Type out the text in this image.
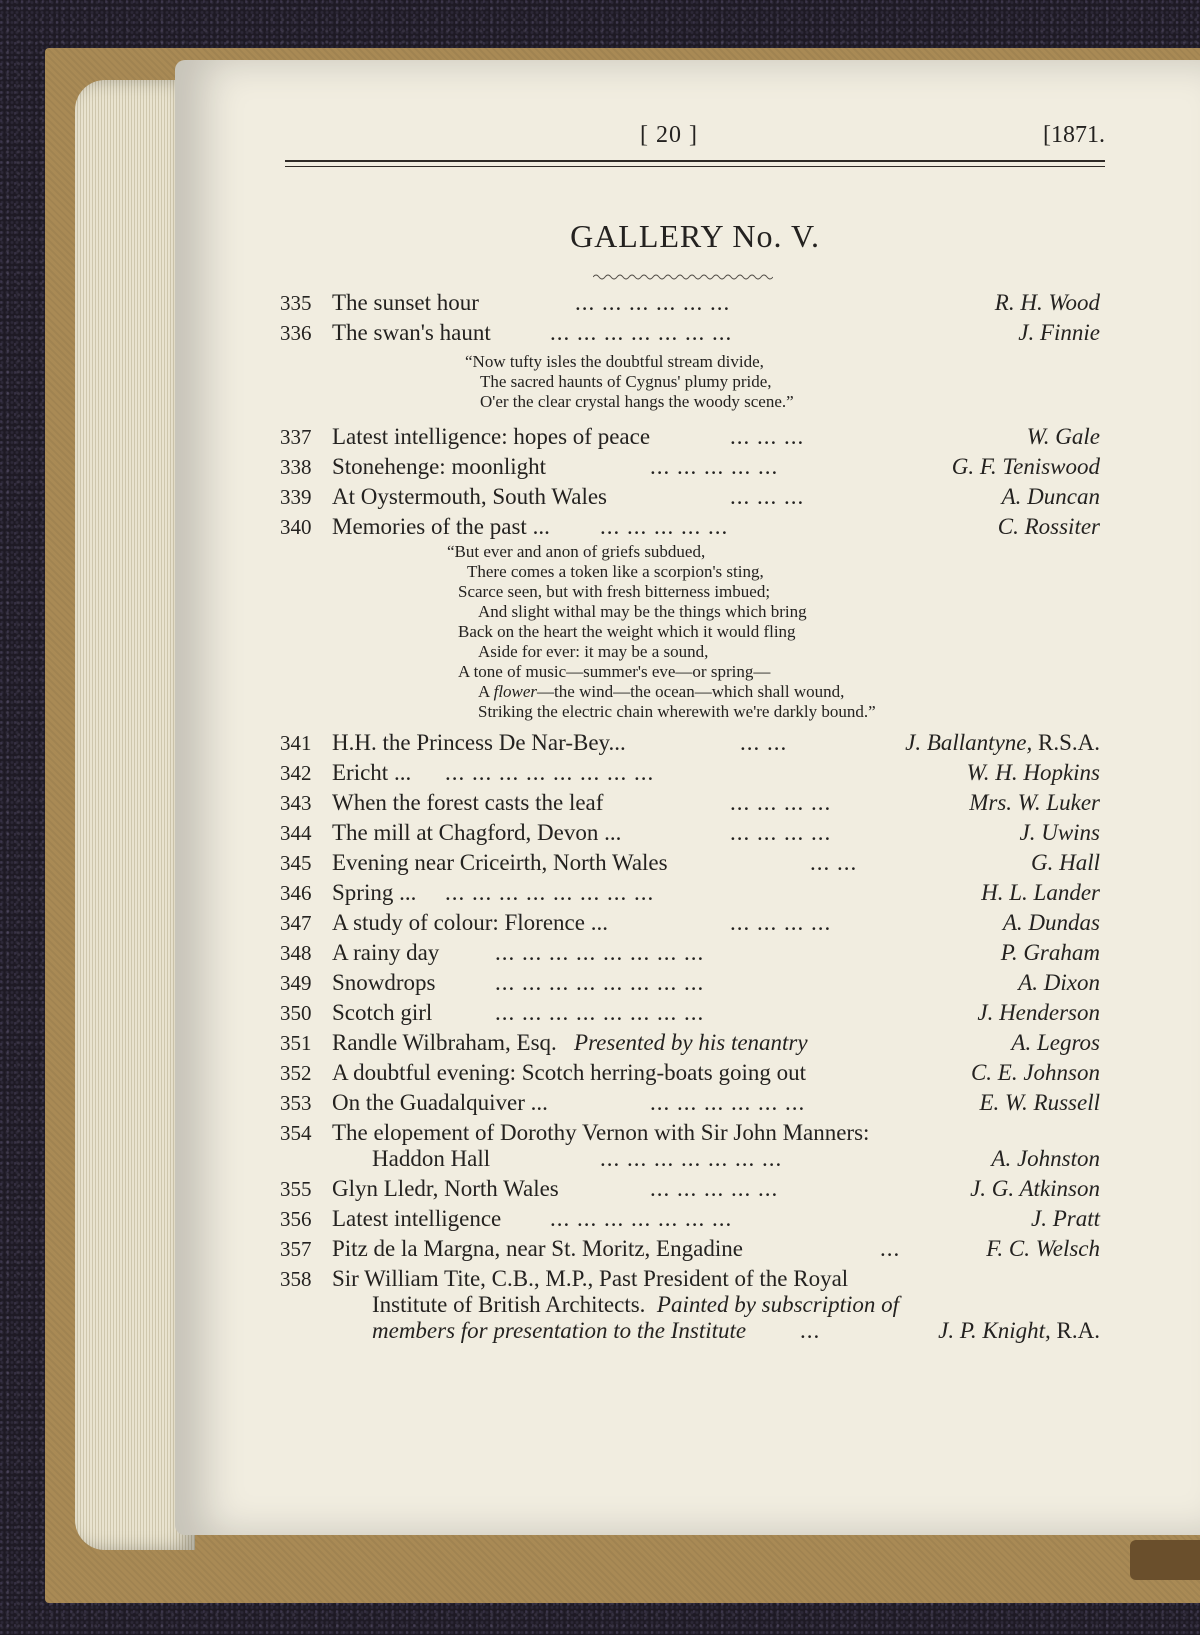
[ 20 ]	[1871.
GALLERY No. V.
335 The sunset hour	... ... ... ... ... ...	R. H. Wood
336 The swan's haunt	... ... ... ... ... ... ...	J. Finnie
“Now tufty isles the doubtful stream divide,
The sacred haunts of Cygnus' plumy pride,
O'er the clear crystal hangs the woody scene.”
337 Latest intelligence: hopes of peace	... ... ...	W. Gale
338 Stonehenge: moonlight	... ... ... ... ...	G. F. Teniswood
339 At Oystermouth, South Wales	... ... ...	A. Duncan
340 Memories of the past ... ... ... ... ... ...	C. Rossiter
“But ever and anon of griefs subdued,
There comes a token like a scorpion's sting,
Scarce seen, but with fresh bitterness imbued;
And slight withal may be the things which bring
Back on the heart the weight which it would fling
Aside for ever: it may be a sound,
A tone of music—summer's eve—or spring—
A flower—the wind—the ocean—which shall wound,
Striking the electric chain wherewith we're darkly bound.”
341 H.H. the Princess De Nar-Bey...	... ...	J. Ballantyne, R.S.A.
342 Ericht ... ... ... ... ... ... ... ... ...	W. H. Hopkins
343 When the forest casts the leaf	... ... ... ...	Mrs. W. Luker
344 The mill at Chagford, Devon ...	... ... ... ...	J. Uwins
345 Evening near Criceirth, North Wales	... ...	G. Hall
346 Spring ... ... ... ... ... ... ... ... ...	H. L. Lander
347 A study of colour: Florence ...	... ... ... ...	A. Dundas
348 A rainy day ... ... ... ... ... ... ... ...	P. Graham
349 Snowdrops	... ... ... ... ... ... ... ...	A. Dixon
350 Scotch girl	... ... ... ... ... ... ... ...	J. Henderson
351 Randle Wilbraham, Esq. Presented by his tenantry	A. Legros
352 A doubtful evening: Scotch herring-boats going out	C. E. Johnson
353 On the Guadalquiver ...	... ... ... ... ... ...	E. W. Russell
354 The elopement of Dorothy Vernon with Sir John Manners:
Haddon Hall	... ... ... ... ... ... ...	A. Johnston
355 Glyn Lledr, North Wales	... ... ... ... ...	J. G. Atkinson
356 Latest intelligence ... ... ... ... ... ... ...	J. Pratt
357 Pitz de la Margna, near St. Moritz, Engadine	...	F. C. Welsch
358 Sir William Tite, C.B., M.P., Past President of the Royal
Institute of British Architects. Painted by subscription of
members for presentation to the Institute ...	J. P. Knight, R.A.
